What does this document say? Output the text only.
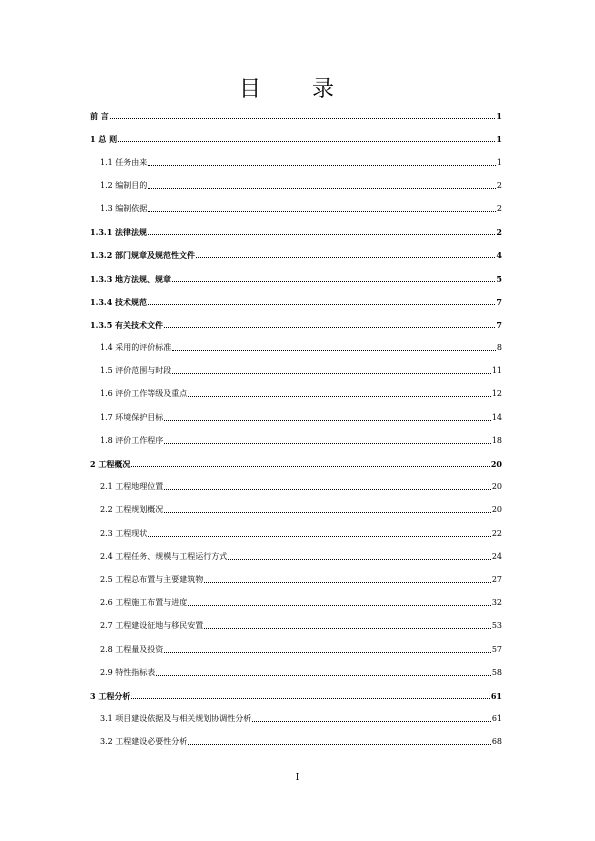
目 录
前 言	1
1 总 则	1
1.1 任务由来	1
1.2 编制目的	2
1.3 编制依据	2
1.3.1 法律法规	2
1.3.2 部门规章及规范性文件	4
1.3.3 地方法规、规章	5
1.3.4 技术规范	7
1.3.5 有关技术文件	7
1.4 采用的评价标准	8
1.5 评价范围与时段	11
1.6 评价工作等级及重点	12
1.7 环境保护目标	14
1.8 评价工作程序	18
2 工程概况	20
2.1 工程地理位置	20
2.2 工程规划概况	20
2.3 工程现状	22
2.4 工程任务、规模与工程运行方式	24
2.5 工程总布置与主要建筑物	27
2.6 工程施工布置与进度	32
2.7 工程建设征地与移民安置	53
2.8 工程量及投资	57
2.9 特性指标表	58
3 工程分析	61
3.1 项目建设依据及与相关规划协调性分析	61
3.2 工程建设必要性分析	68
I
